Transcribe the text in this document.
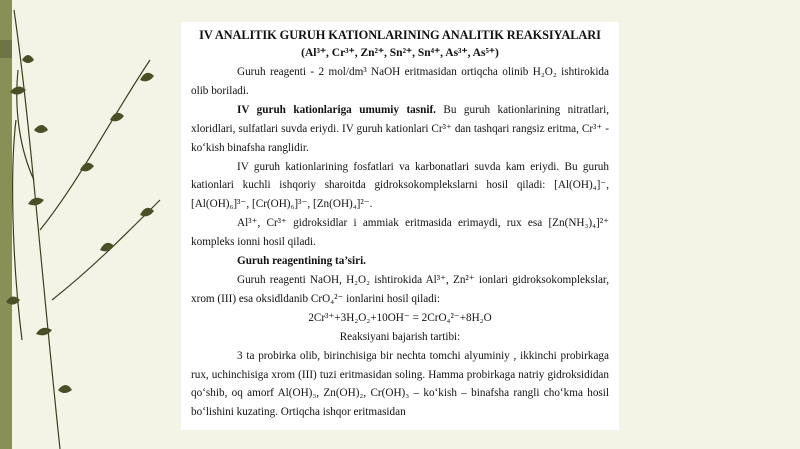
IV ANALITIK GURUH KATIONLARINING ANALITIK REAKSIYALARI
(Al³⁺, Cr³⁺, Zn²⁺, Sn²⁺, Sn⁴⁺, As³⁺, As⁵⁺)

Guruh reagenti - 2 mol/dm³ NaOH eritmasidan ortiqcha olinib H₂O₂ ishtirokida olib boriladi.

IV guruh kationlariga umumiy tasnif. Bu guruh kationlarining nitratlari, xloridlari, sulfatlari suvda eriydi. IV guruh kationlari Cr³⁺ dan tashqari rangsiz eritma, Cr³⁺ - ko‘kish binafsha ranglidir.

IV guruh kationlarining fosfatlari va karbonatlari suvda kam eriydi. Bu guruh kationlari kuchli ishqoriy sharoitda gidroksokomplekslarni hosil qiladi: [Al(OH)₄]⁻, [Al(OH)₆]³⁻, [Cr(OH)₆]³⁻, [Zn(OH)₄]²⁻.

Al³⁺, Cr³⁺ gidroksidlar i ammiak eritmasida erimaydi, rux esa [Zn(NH₃)₄]²⁺ kompleks ionni hosil qiladi.

Guruh reagentining ta’siri.

Guruh reagenti NaOH, H₂O₂ ishtirokida Al³⁺, Zn²⁺ ionlari gidroksokomplekslar, xrom (III) esa oksidldanib CrO₄²⁻ ionlarini hosil qiladi:

2Cr³⁺+3H₂O₂+10OH⁻ = 2CrO₄²⁻+8H₂O

Reaksiyani bajarish tartibi:

3 ta probirka olib, birinchisiga bir nechta tomchi alyuminiy , ikkinchi probirkaga rux, uchinchisiga xrom (III) tuzi eritmasidan soling. Hamma probirkaga natriy gidroksididan qo‘shib, oq amorf Al(OH)₃, Zn(OH)₂, Cr(OH)₃ – ko‘kish – binafsha rangli cho‘kma hosil bo‘lishini kuzating. Ortiqcha ishqor eritmasidan
